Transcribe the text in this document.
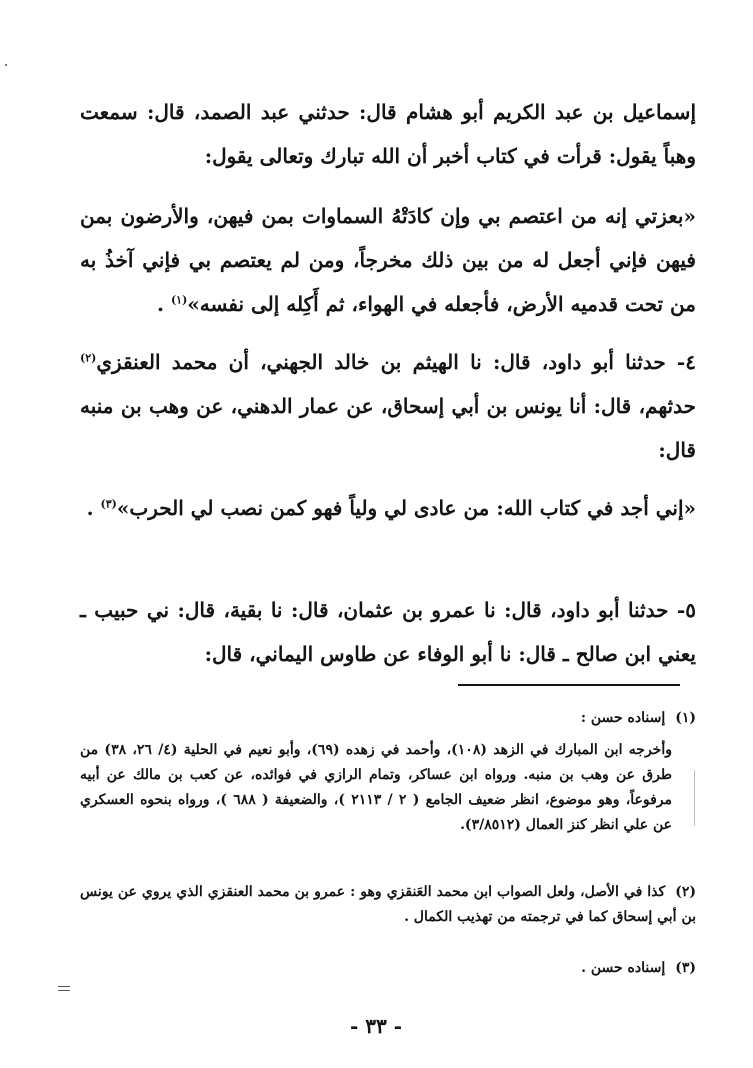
إسماعيل بن عبد الكريم أبو هشام قال: حدثني عبد الصمد، قال: سمعت وهباً يقول: قرأت في كتاب أخبر أن الله تبارك وتعالى يقول:
«بعزتي إنه من اعتصم بي وإن كادَتْهُ السماوات بمن فيهن، والأرضون بمن فيهن فإني أجعل له من بين ذلك مخرجاً، ومن لم يعتصم بي فإني آخذُ به من تحت قدميه الأرض، فأجعله في الهواء، ثم أَكِله إلى نفسه»$^{(١)}$ .
٤- حدثنا أبو داود، قال: نا الهيثم بن خالد الجهني، أن محمد العنقزي$^{(٢)}$ حدثهم، قال: أنا يونس بن أبي إسحاق، عن عمار الدهني، عن وهب بن منبه قال:
«إني أجد في كتاب الله: من عادى لي ولياً فهو كمن نصب لي الحرب»$^{(٣)}$ .
٥- حدثنا أبو داود، قال: نا عمرو بن عثمان، قال: نا بقية، قال: ني حبيب ـ يعني ابن صالح ـ قال: نا أبو الوفاء عن طاوس اليماني، قال:
(١)إسناده حسن :
وأخرجه ابن المبارك في الزهد (١٠٨)، وأحمد في زهده (٦٩)، وأبو نعيم في الحلية (٤/ ٢٦، ٣٨) من طرق عن وهب بن منبه. ورواه ابن عساكر، وتمام الرازي في فوائده، عن كعب بن مالك عن أبيه مرفوعاً، وهو موضوع، انظر ضعيف الجامع ( ٢ / ٢١١٣ )، والضعيفة ( ٦٨٨ )، ورواه بنحوه العسكري عن علي انظر كنز العمال (٣/٨٥١٢).
(٢)كذا في الأصل، ولعل الصواب ابن محمد العَنقزي وهو : عمرو بن محمد العنقزي الذي يروي عن يونس بن أبي إسحاق كما في ترجمته من تهذيب الكمال .
(٣)إسناده حسن .
- ٣٣ -
